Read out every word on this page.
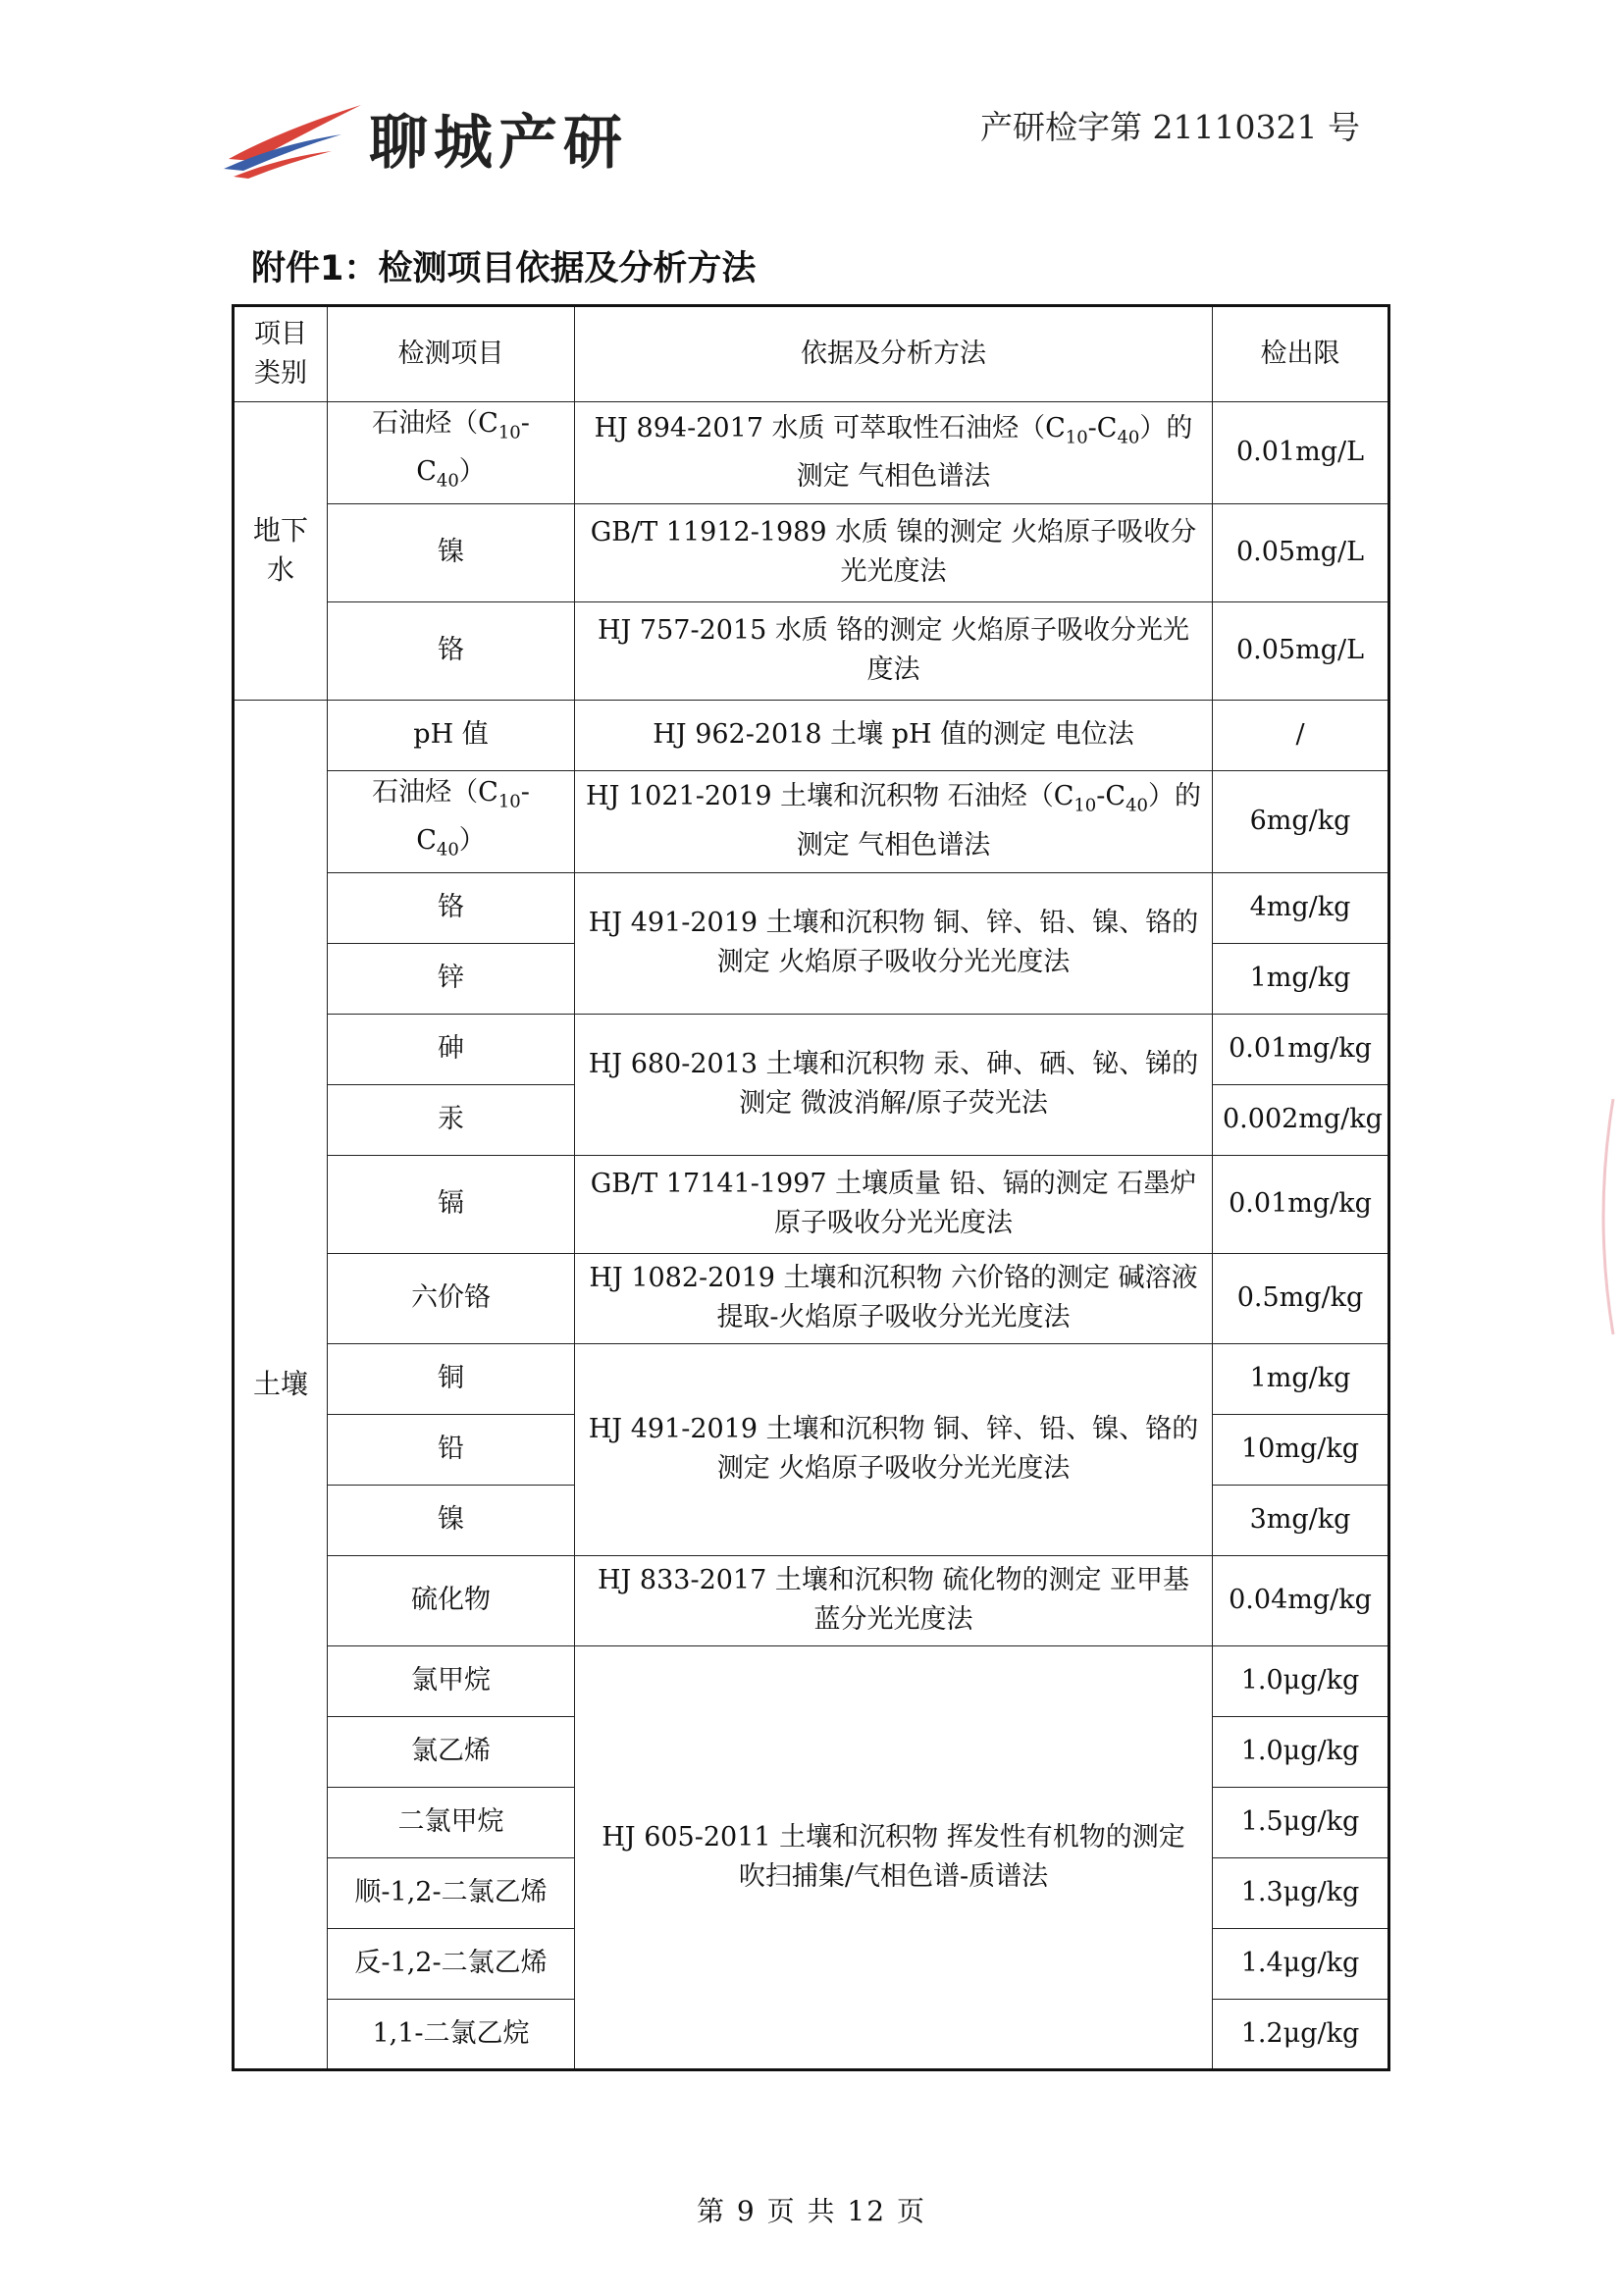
聊城产研	产研检字第 21110321 号
附件1：检测项目依据及分析方法
项目类别	检测项目	依据及分析方法	检出限
地下水	石油烃$(C_{10}-C_{40})$	HJ 894-2017 水质 可萃取性石油烃$(C_{10}-C_{40})$的测定 气相色谱法	0.01mg/L
	镍	GB/T 11912-1989 水质 镍的测定 火焰原子吸收分光光度法	0.05mg/L
	铬	HJ 757-2015 水质 铬的测定 火焰原子吸收分光光度法	0.05mg/L
土壤	pH 值	HJ 962-2018 土壤 pH 值的测定 电位法	/
	石油烃$(C_{10}-C_{40})$	HJ 1021-2019 土壤和沉积物 石油烃$(C_{10}-C_{40})$的测定 气相色谱法	6mg/kg
	铬	HJ 491-2019 土壤和沉积物 铜、锌、铅、镍、铬的测定 火焰原子吸收分光光度法	4mg/kg
	锌		1mg/kg
	砷	HJ 680-2013 土壤和沉积物 汞、砷、硒、铋、锑的测定 微波消解/原子荧光法	0.01mg/kg
	汞		0.002mg/kg
	镉	GB/T 17141-1997 土壤质量 铅、镉的测定 石墨炉原子吸收分光光度法	0.01mg/kg
	六价铬	HJ 1082-2019 土壤和沉积物 六价铬的测定 碱溶液提取-火焰原子吸收分光光度法	0.5mg/kg
	铜	HJ 491-2019 土壤和沉积物 铜、锌、铅、镍、铬的测定 火焰原子吸收分光光度法	1mg/kg
	铅		10mg/kg
	镍		3mg/kg
	硫化物	HJ 833-2017 土壤和沉积物 硫化物的测定 亚甲基蓝分光光度法	0.04mg/kg
	氯甲烷	HJ 605-2011 土壤和沉积物 挥发性有机物的测定 吹扫捕集/气相色谱-质谱法	1.0μg/kg
	氯乙烯		1.0μg/kg
	二氯甲烷		1.5μg/kg
	顺-1,2-二氯乙烯		1.3μg/kg
	反-1,2-二氯乙烯		1.4μg/kg
	1,1-二氯乙烷		1.2μg/kg
第 9 页 共 12 页
